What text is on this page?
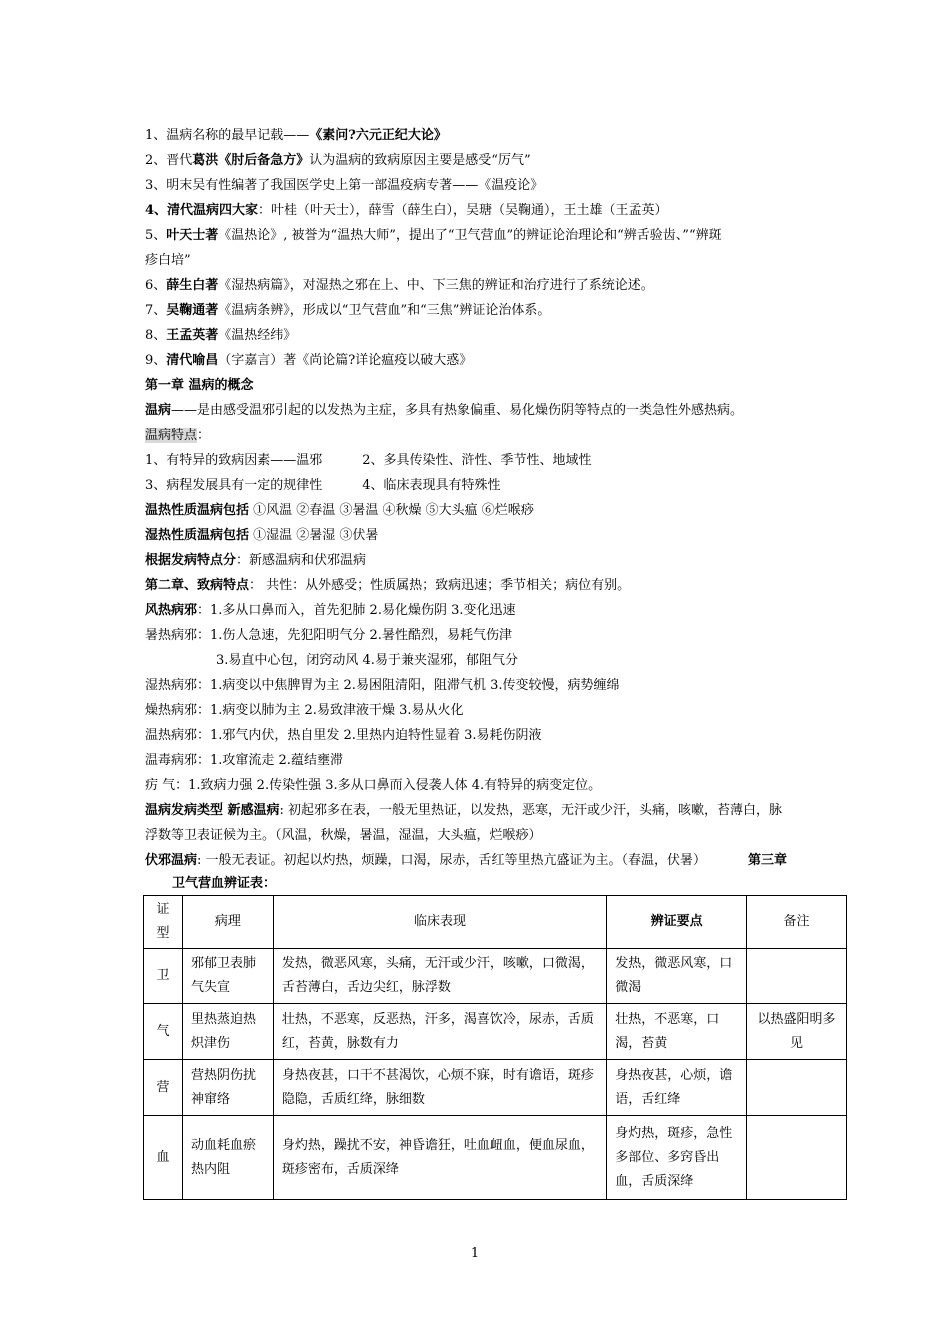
1、温病名称的最早记载——《素问?六元正纪大论》
2、晋代葛洪《肘后备急方》认为温病的致病原因主要是感受“厉气”
3、明末吴有性编著了我国医学史上第一部温疫病专著——《温疫论》
4、清代温病四大家：叶桂（叶天士），薛雪（薛生白），吴瑭（吴鞠通），王土雄（王孟英）
5、叶天士著《温热论》, 被誉为“温热大师”，提出了“卫气营血”的辨证论治理论和“辨舌验齿、”“辨斑
疹白培”
6、薛生白著《湿热病篇》，对湿热之邪在上、中、下三焦的辨证和治疗进行了系统论述。
7、吴鞠通著《温病条辨》，形成以“卫气营血”和“三焦”辨证论治体系。
8、王孟英著《温热经纬》
9、清代喻昌（字嘉言）著《尚论篇?详论瘟疫以破大惑》
第一章 温病的概念
温病——是由感受温邪引起的以发热为主症，多具有热象偏重、易化燥伤阴等特点的一类急性外感热病。
温病特点：
1、有特异的致病因素——温邪	2、多具传染性、浒性、季节性、地域性
3、病程发展具有一定的规律性	4、临床表现具有特殊性
温热性质温病包括 ①风温 ②春温 ③暑温 ④秋燥 ⑤大头瘟 ⑥烂喉痧
湿热性质温病包括 ①湿温 ②暑湿 ③伏暑
根据发病特点分：新感温病和伏邪温病
第二章、致病特点： 共性：从外感受；性质属热；致病迅速；季节相关；病位有别。
风热病邪：1.多从口鼻而入，首先犯肺 2.易化燥伤阴 3.变化迅速
暑热病邪：1.伤人急速，先犯阳明气分 2.暑性酷烈，易耗气伤津
3.易直中心包，闭窍动风 4.易于兼夹湿邪，郁阻气分
湿热病邪：1.病变以中焦脾胃为主 2.易困阻清阳，阻滞气机 3.传变较慢，病势缠绵
燥热病邪：1.病变以肺为主 2.易致津液干燥 3.易从火化
温热病邪：1.邪气内伏，热自里发 2.里热内迫特性显着 3.易耗伤阴液
温毒病邪：1.攻窜流走 2.蕴结壅滞
疠 气：1.致病力强 2.传染性强 3.多从口鼻而入侵袭人体 4.有特异的病变定位。
温病发病类型 新感温病: 初起邪多在表，一般无里热证，以发热，恶寒，无汗或少汗，头痛，咳嗽，苔薄白，脉
浮数等卫表证候为主。（风温，秋燥，暑温，湿温，大头瘟，烂喉痧）
伏邪温病: 一般无表证。初起以灼热，烦躁，口渴，尿赤，舌红等里热亢盛证为主。（春温，伏暑）	第三章
卫气营血辨证表：
证型	病理	临床表现	辨证要点	备注
卫	邪郁卫表肺气失宣	发热，微恶风寒，头痛，无汗或少汗，咳嗽，口微渴，舌苔薄白，舌边尖红，脉浮数	发热，微恶风寒，口微渴	
气	里热蒸迫热炽津伤	壮热，不恶寒，反恶热，汗多，渴喜饮冷，尿赤，舌质红，苔黄，脉数有力	壮热，不恶寒，口渴，苔黄	以热盛阳明多见
营	营热阴伤扰神窜络	身热夜甚，口干不甚渴饮，心烦不寐，时有谵语，斑疹隐隐，舌质红绛，脉细数	身热夜甚，心烦，谵语，舌红绛	
血	动血耗血瘀热内阻	身灼热，躁扰不安，神昏谵狂，吐血衄血，便血尿血，斑疹密布，舌质深绛	身灼热，斑疹，急性多部位、多窍昏出血，舌质深绛	
1
